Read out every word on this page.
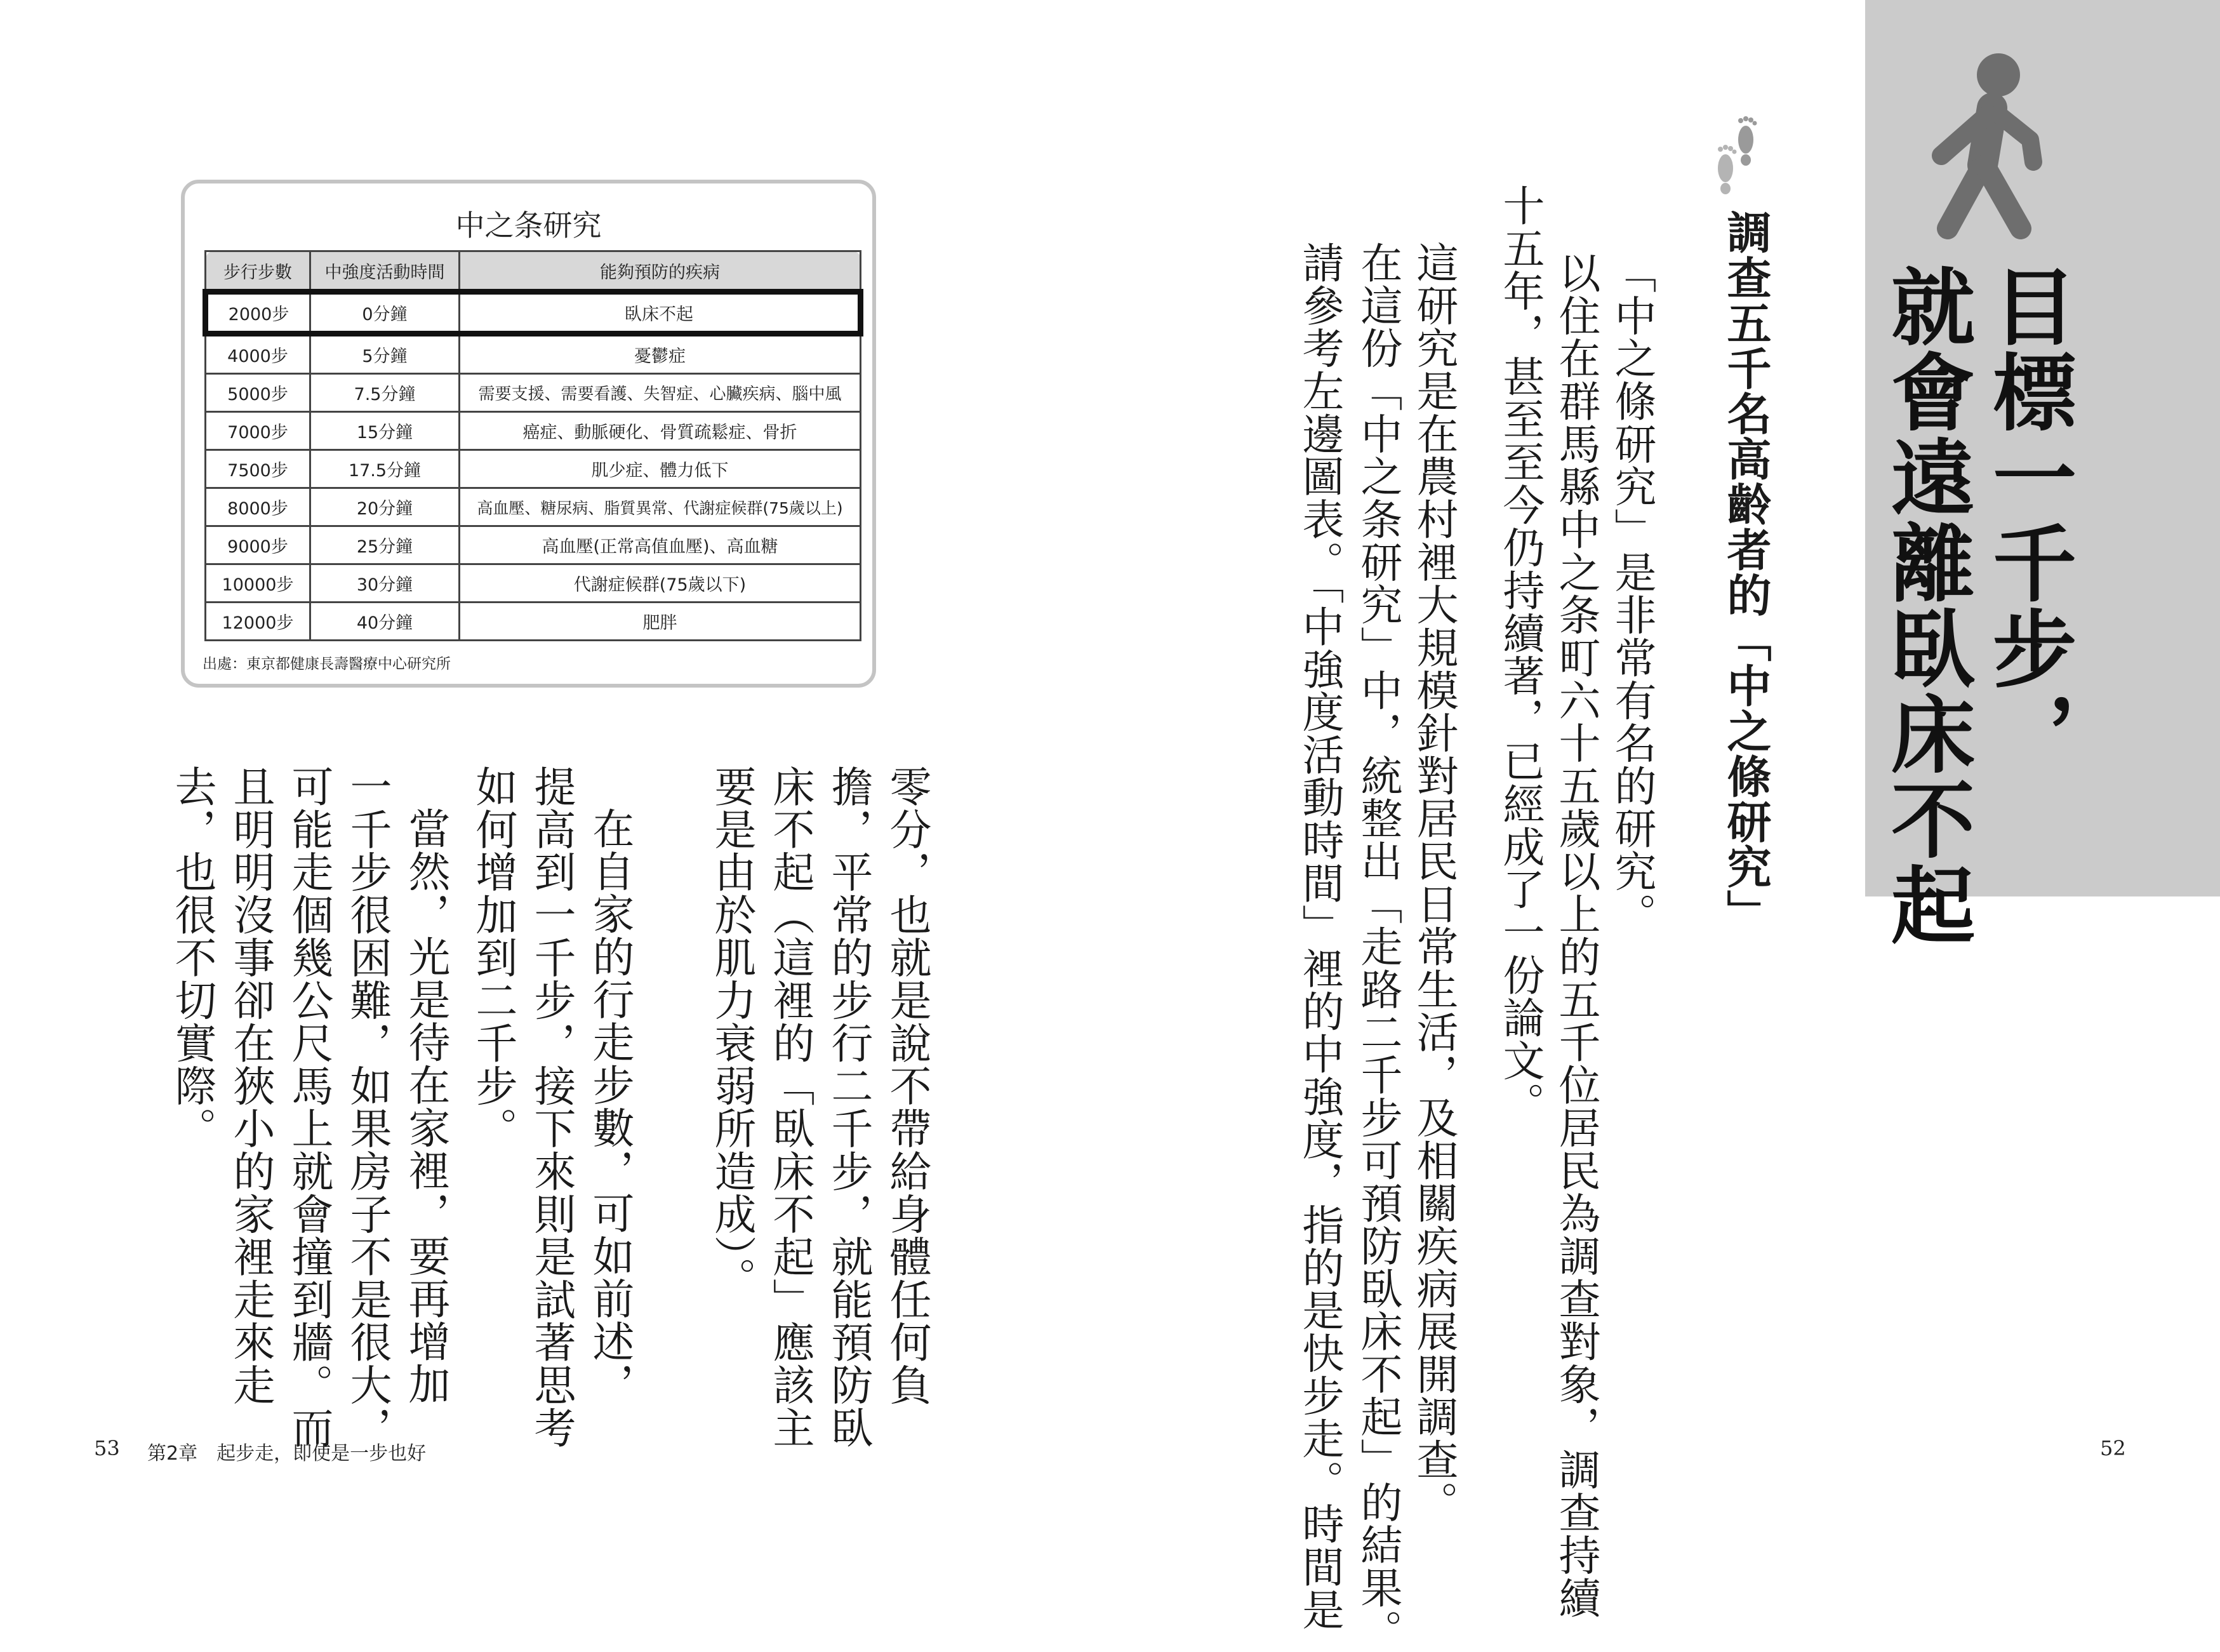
目標一千步，
就會遠離臥床不起
調查五千名高齡者的「中之條研究」
「中之條研究」是非常有名的研究。
以住在群馬縣中之条町六十五歲以上的五千位居民為調查對象，調查持續
十五年，甚至至今仍持續著，已經成了一份論文。
這研究是在農村裡大規模針對居民日常生活，及相關疾病展開調查。
在這份「中之条研究」中，統整出「走路二千步可預防臥床不起」的結果。
請參考左邊圖表。「中強度活動時間」裡的中強度，指的是快步走。時間是	52
中之条研究
步行步數	中強度活動時間	能夠預防的疾病
2000步	0分鐘	臥床不起
4000步	5分鐘	憂鬱症
5000步	7.5分鐘	需要支援、需要看護、失智症、心臟疾病、腦中風
7000步	15分鐘	癌症、動脈硬化、骨質疏鬆症、骨折
7500步	17.5分鐘	肌少症、體力低下
8000步	20分鐘	高血壓、糖尿病、脂質異常、代謝症候群(75歲以上)
9000步	25分鐘	高血壓(正常高值血壓)、高血糖
10000步	30分鐘	代謝症候群(75歲以下)
12000步	40分鐘	肥胖
出處：東京都健康長壽醫療中心研究所
零分，也就是說不帶給身體任何負
擔，平常的步行二千步，就能預防臥
床不起（這裡的「臥床不起」應該主
要是由於肌力衰弱所造成）。
在自家的行走步數，可如前述，
提高到一千步，接下來則是試著思考
如何增加到二千步。
當然，光是待在家裡，要再增加
一千步很困難，如果房子不是很大，
可能走個幾公尺馬上就會撞到牆。而
且明明沒事卻在狹小的家裡走來走
去，也很不切實際。
53 第2章　起步走，即使是一步也好
